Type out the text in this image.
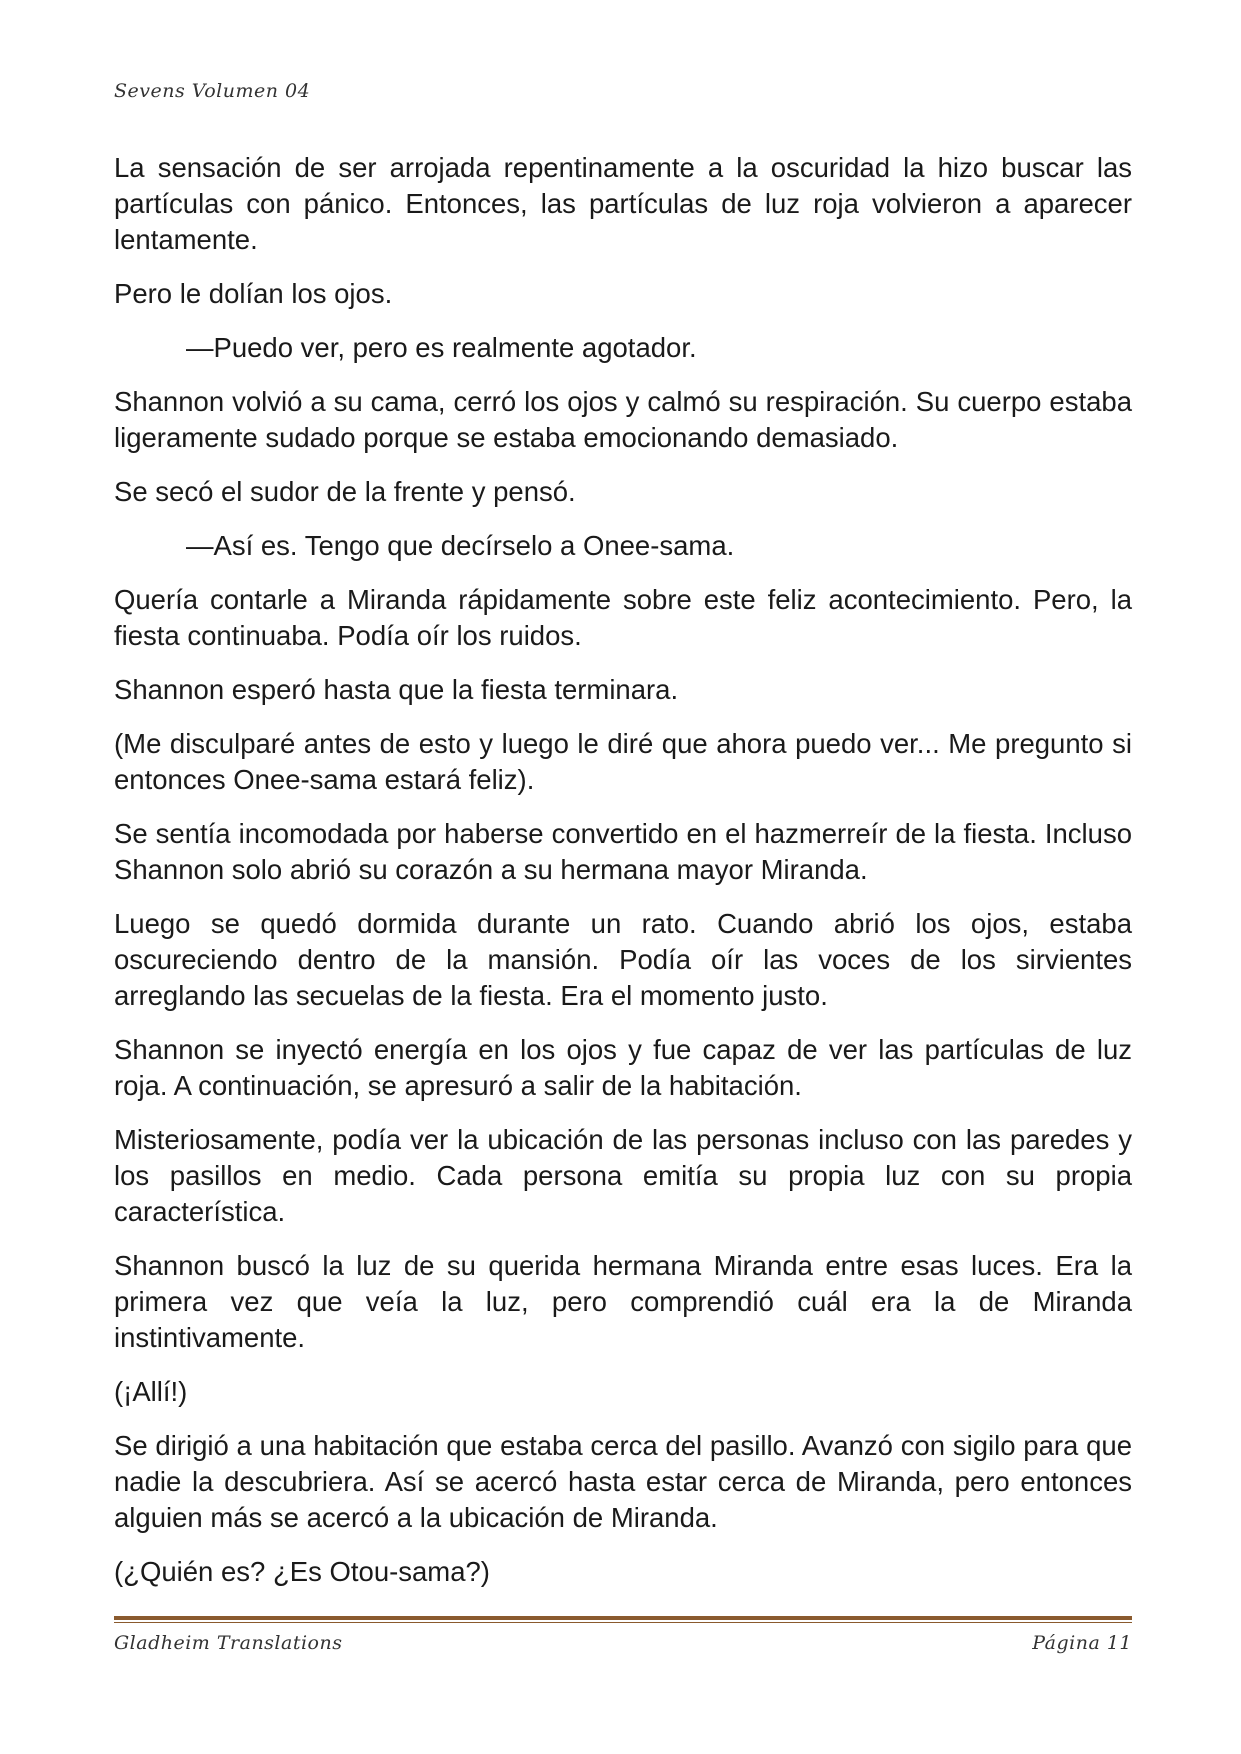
Sevens Volumen 04

La sensación de ser arrojada repentinamente a la oscuridad la hizo buscar las partículas con pánico. Entonces, las partículas de luz roja volvieron a aparecer lentamente.

Pero le dolían los ojos.

—Puedo ver, pero es realmente agotador.

Shannon volvió a su cama, cerró los ojos y calmó su respiración. Su cuerpo estaba ligeramente sudado porque se estaba emocionando demasiado.

Se secó el sudor de la frente y pensó.

—Así es. Tengo que decírselo a Onee-sama.

Quería contarle a Miranda rápidamente sobre este feliz acontecimiento. Pero, la fiesta continuaba. Podía oír los ruidos.

Shannon esperó hasta que la fiesta terminara.

(Me disculparé antes de esto y luego le diré que ahora puedo ver... Me pregunto si entonces Onee-sama estará feliz).

Se sentía incomodada por haberse convertido en el hazmerreír de la fiesta. Incluso Shannon solo abrió su corazón a su hermana mayor Miranda.

Luego se quedó dormida durante un rato. Cuando abrió los ojos, estaba oscureciendo dentro de la mansión. Podía oír las voces de los sirvientes arreglando las secuelas de la fiesta. Era el momento justo.

Shannon se inyectó energía en los ojos y fue capaz de ver las partículas de luz roja. A continuación, se apresuró a salir de la habitación.

Misteriosamente, podía ver la ubicación de las personas incluso con las paredes y los pasillos en medio. Cada persona emitía su propia luz con su propia característica.

Shannon buscó la luz de su querida hermana Miranda entre esas luces. Era la primera vez que veía la luz, pero comprendió cuál era la de Miranda instintivamente.

(¡Allí!)

Se dirigió a una habitación que estaba cerca del pasillo. Avanzó con sigilo para que nadie la descubriera. Así se acercó hasta estar cerca de Miranda, pero entonces alguien más se acercó a la ubicación de Miranda.

(¿Quién es? ¿Es Otou-sama?)

Gladheim Translations	Página 11
